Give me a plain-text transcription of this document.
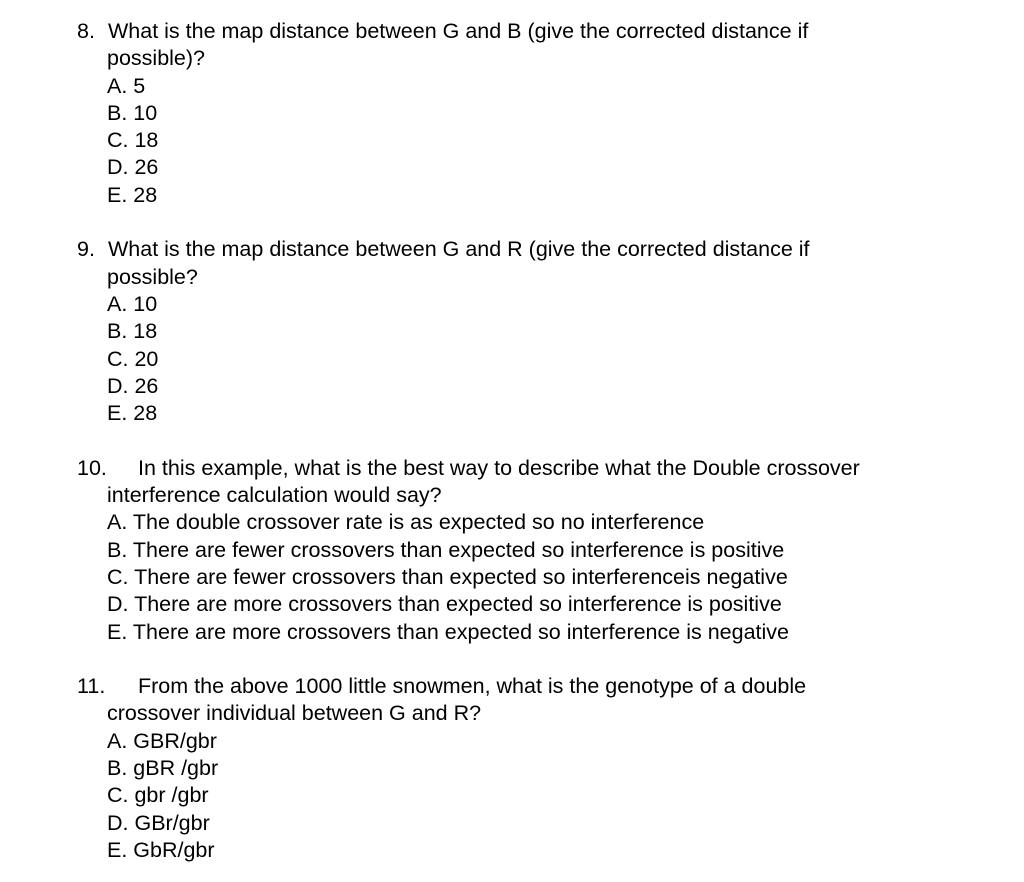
8. What is the map distance between G and B (give the corrected distance if
possible)?
A. 5
B. 10
C. 18
D. 26
E. 28
9. What is the map distance between G and R (give the corrected distance if
possible?
A. 10
B. 18
C. 20
D. 26
E. 28
10.	In this example, what is the best way to describe what the Double crossover
interference calculation would say?
A. The double crossover rate is as expected so no interference
B. There are fewer crossovers than expected so interference is positive
C. There are fewer crossovers than expected so interferenceis negative
D. There are more crossovers than expected so interference is positive
E. There are more crossovers than expected so interference is negative
11.	From the above 1000 little snowmen, what is the genotype of a double
crossover individual between G and R?
A. GBR/gbr
B. gBR /gbr
C. gbr /gbr
D. GBr/gbr
E. GbR/gbr
